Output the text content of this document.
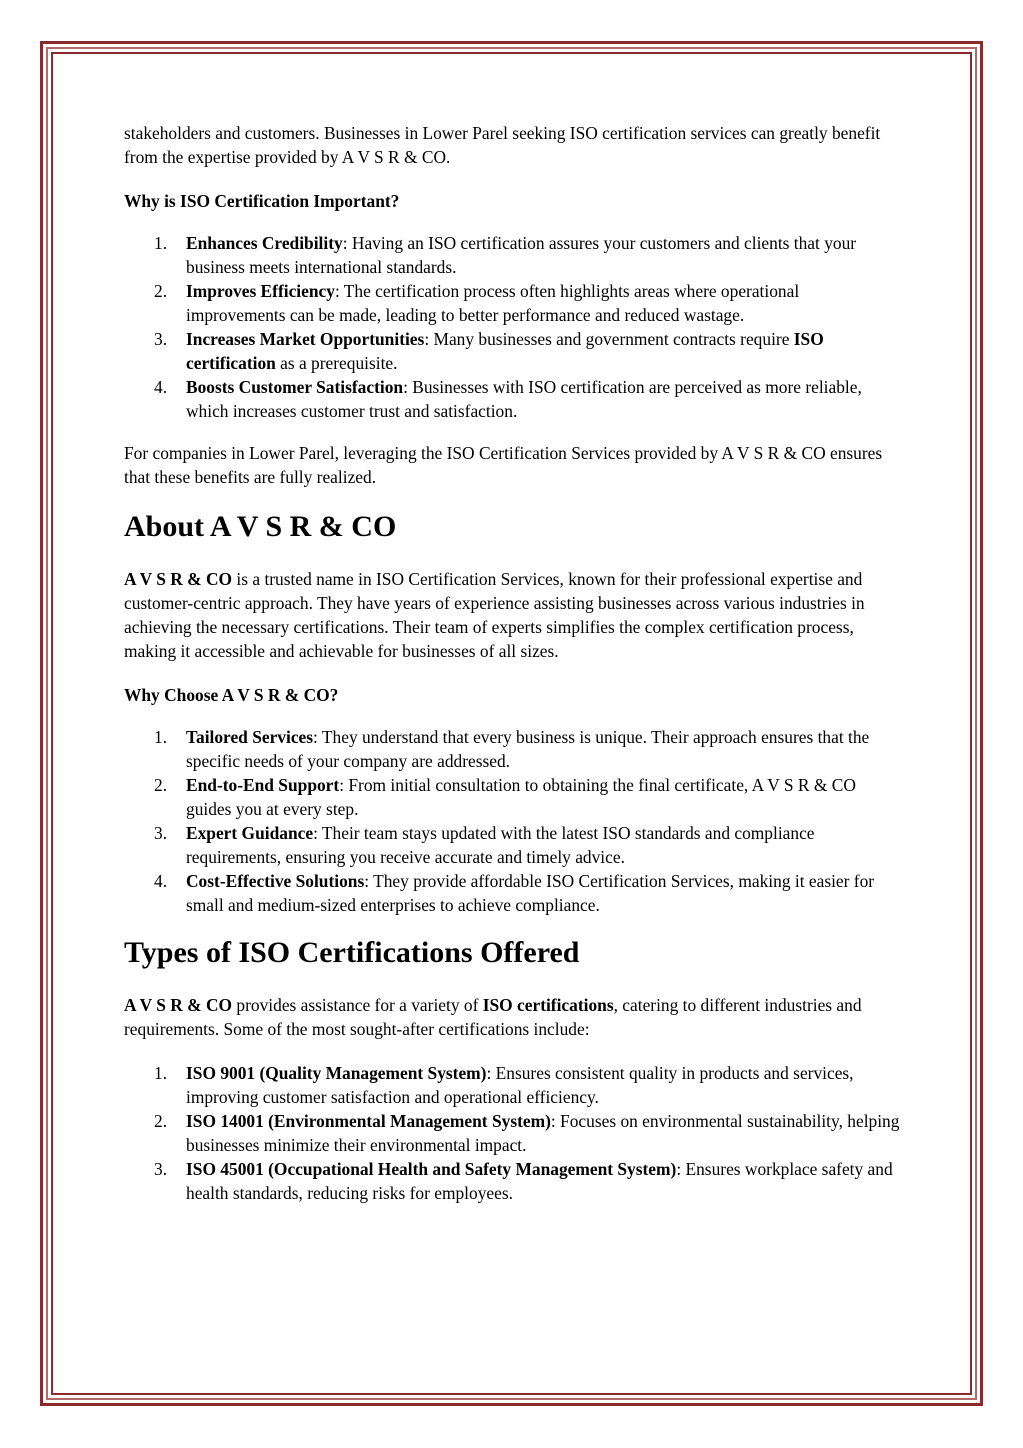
stakeholders and customers. Businesses in Lower Parel seeking ISO certification services can greatly benefit from the expertise provided by A V S R & CO.

Why is ISO Certification Important?
1. Enhances Credibility: Having an ISO certification assures your customers and clients that your business meets international standards.
2. Improves Efficiency: The certification process often highlights areas where operational improvements can be made, leading to better performance and reduced wastage.
3. Increases Market Opportunities: Many businesses and government contracts require ISO certification as a prerequisite.
4. Boosts Customer Satisfaction: Businesses with ISO certification are perceived as more reliable, which increases customer trust and satisfaction.

For companies in Lower Parel, leveraging the ISO Certification Services provided by A V S R & CO ensures that these benefits are fully realized.

About A V S R & CO

A V S R & CO is a trusted name in ISO Certification Services, known for their professional expertise and customer-centric approach. They have years of experience assisting businesses across various industries in achieving the necessary certifications. Their team of experts simplifies the complex certification process, making it accessible and achievable for businesses of all sizes.

Why Choose A V S R & CO?
1. Tailored Services: They understand that every business is unique. Their approach ensures that the specific needs of your company are addressed.
2. End-to-End Support: From initial consultation to obtaining the final certificate, A V S R & CO guides you at every step.
3. Expert Guidance: Their team stays updated with the latest ISO standards and compliance requirements, ensuring you receive accurate and timely advice.
4. Cost-Effective Solutions: They provide affordable ISO Certification Services, making it easier for small and medium-sized enterprises to achieve compliance.
Types of ISO Certifications Offered

A V S R & CO provides assistance for a variety of ISO certifications, catering to different industries and requirements. Some of the most sought-after certifications include:

1. ISO 9001 (Quality Management System): Ensures consistent quality in products and services, improving customer satisfaction and operational efficiency.
2. ISO 14001 (Environmental Management System): Focuses on environmental sustainability, helping businesses minimize their environmental impact.
3. ISO 45001 (Occupational Health and Safety Management System): Ensures workplace safety and health standards, reducing risks for employees.
